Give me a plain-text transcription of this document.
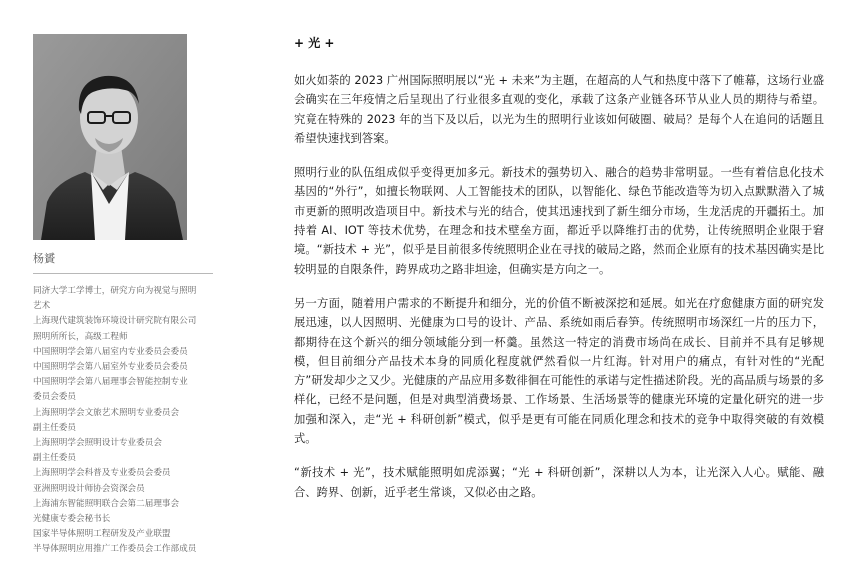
杨贇
同济大学工学博士，研究方向为视觉与照明
艺术
上海现代建筑装饰环境设计研究院有限公司
照明所所长，高级工程师
中国照明学会第八届室内专业委员会委员
中国照明学会第八届室外专业委员会委员
中国照明学会第八届理事会智能控制专业
委员会委员
上海照明学会文旅艺术照明专业委员会
副主任委员
上海照明学会照明设计专业委员会
副主任委员
上海照明学会科普及专业委员会委员
亚洲照明设计师协会资深会员
上海浦东智能照明联合会第二届理事会
光健康专委会秘书长
国家半导体照明工程研发及产业联盟
半导体照明应用推广工作委员会工作部成员
+ 光 +

如火如荼的 2023 广州国际照明展以“光 + 未来”为主题，在超高的人气和热度中落下了帷幕，这场行业盛会确实在三年疫情之后呈现出了行业很多直观的变化，承载了这条产业链各环节从业人员的期待与希望。究竟在特殊的 2023 年的当下及以后，以光为生的照明行业该如何破圈、破局？是每个人在追问的话题且希望快速找到答案。

照明行业的队伍组成似乎变得更加多元。新技术的强势切入、融合的趋势非常明显。一些有着信息化技术基因的“外行”，如擅长物联网、人工智能技术的团队，以智能化、绿色节能改造等为切入点默默潜入了城市更新的照明改造项目中。新技术与光的结合，使其迅速找到了新生细分市场，生龙活虎的开疆拓土。加持着 AI、IOT 等技术优势，在理念和技术壁垒方面，都近乎以降维打击的优势，让传统照明企业限于窘境。“新技术 + 光”，似乎是目前很多传统照明企业在寻找的破局之路，然而企业原有的技术基因确实是比较明显的自限条件，跨界成功之路非坦途，但确实是方向之一。

另一方面，随着用户需求的不断提升和细分，光的价值不断被深挖和延展。如光在疗愈健康方面的研究发展迅速，以人因照明、光健康为口号的设计、产品、系统如雨后春笋。传统照明市场深红一片的压力下，都期待在这个新兴的细分领域能分到一杯羹。虽然这一特定的消费市场尚在成长、目前并不具有足够规模，但目前细分产品技术本身的同质化程度就俨然看似一片红海。针对用户的痛点，有针对性的“光配方”研发却少之又少。光健康的产品应用多数徘徊在可能性的承诺与定性描述阶段。光的高品质与场景的多样化，已经不是问题，但是对典型消费场景、工作场景、生活场景等的健康光环境的定量化研究的进一步加强和深入，走“光 + 科研创新”模式，似乎是更有可能在同质化理念和技术的竞争中取得突破的有效模式。

“新技术 + 光”，技术赋能照明如虎添翼；“光 + 科研创新”，深耕以人为本，让光深入人心。赋能、融合、跨界、创新，近乎老生常谈，又似必由之路。
